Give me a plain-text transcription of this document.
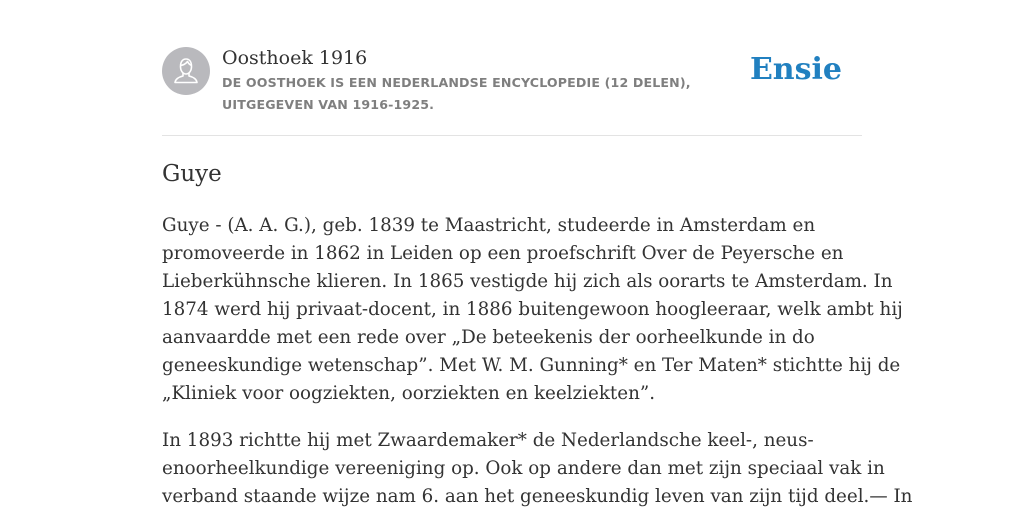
Oosthoek 1916

DE OOSTHOEK IS EEN NEDERLANDSE ENCYCLOPEDIE (12 DELEN), UITGEGEVEN VAN 1916-1925.

Ensie
Guye

Guye - (A. A. G.), geb. 1839 te Maastricht, studeerde in Amsterdam en
promoveerde in 1862 in Leiden op een proefschrift Over de Peyersche en
Lieberkühnsche klieren. In 1865 vestigde hij zich als oorarts te Amsterdam. In
1874 werd hij privaat-docent, in 1886 buitengewoon hoogleeraar, welk ambt hij
aanvaardde met een rede over „De beteekenis der oorheelkunde in do
geneeskundige wetenschap”. Met W. M. Gunning* en Ter Maten* stichtte hij de
„Kliniek voor oogziekten, oorziekten en keelziekten”.

In 1893 richtte hij met Zwaardemaker* de Nederlandsche keel-, neus-
enoorheelkundige vereeniging op. Ook op andere dan met zijn speciaal vak in
verband staande wijze nam 6. aan het geneeskundig leven van zijn tijd deel.— In
